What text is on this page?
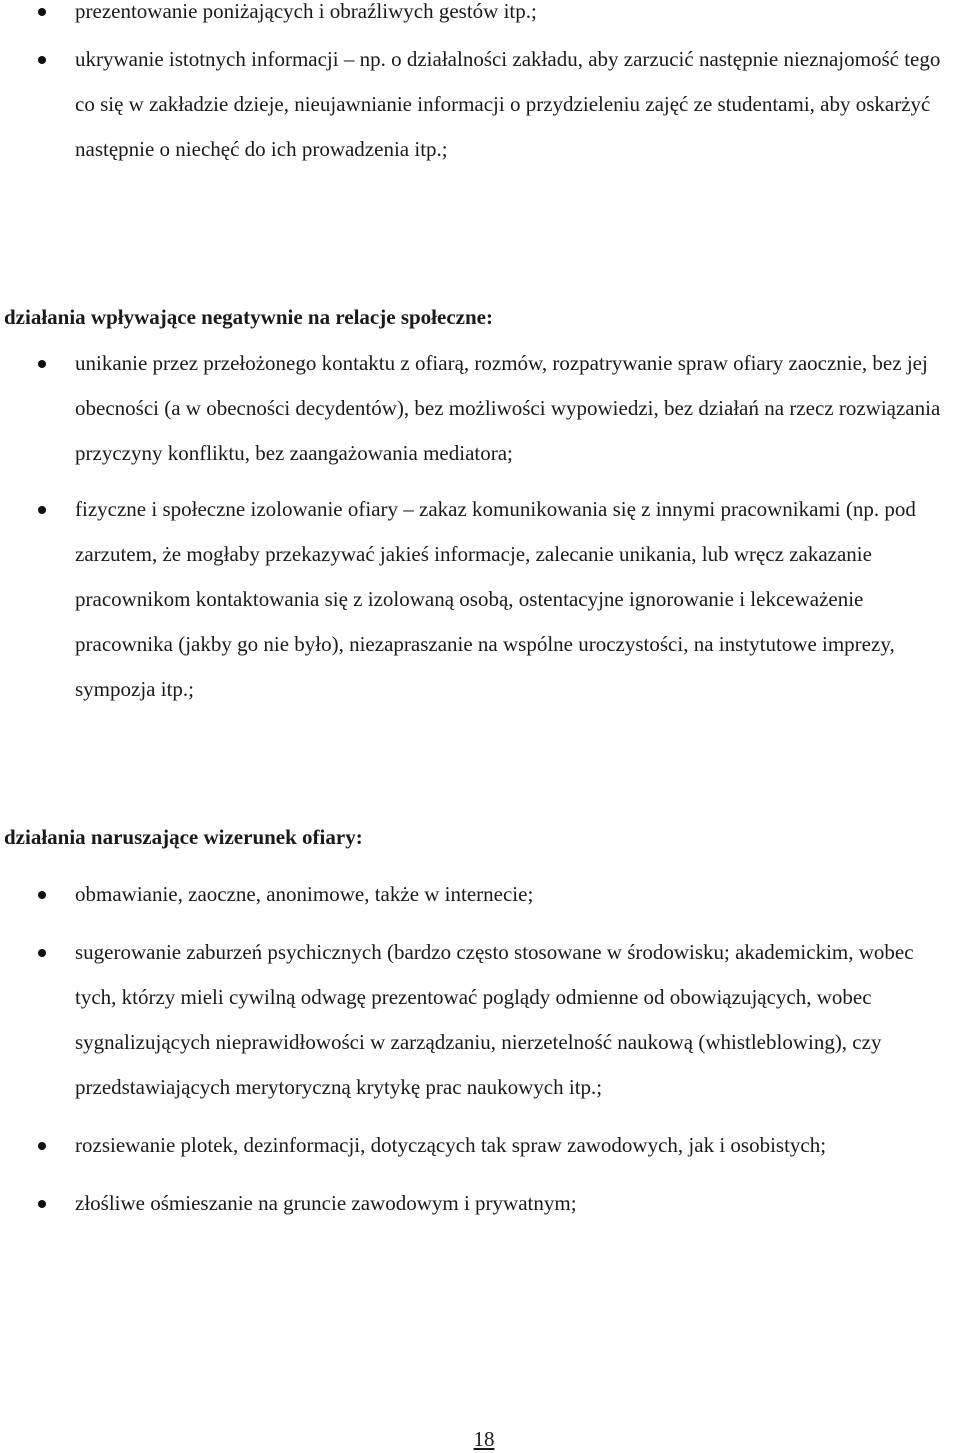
prezentowanie poniżających i obraźliwych gestów itp.;
ukrywanie istotnych informacji – np. o działalności zakładu, aby zarzucić następnie nieznajomość tego co się w zakładzie dzieje, nieujawnianie informacji o przydzieleniu zajęć ze studentami, aby oskarżyć następnie o niechęć do ich prowadzenia itp.;

działania wpływające negatywnie na relacje społeczne:

unikanie przez przełożonego kontaktu z ofiarą, rozmów, rozpatrywanie spraw ofiary zaocznie, bez jej obecności (a w obecności decydentów), bez możliwości wypowiedzi, bez działań na rzecz rozwiązania przyczyny konfliktu, bez zaangażowania mediatora;
fizyczne i społeczne izolowanie ofiary – zakaz komunikowania się z innymi pracownikami (np. pod zarzutem, że mogłaby przekazywać jakieś informacje, zalecanie unikania, lub wręcz zakazanie pracownikom kontaktowania się z izolowaną osobą, ostentacyjne ignorowanie i lekceważenie pracownika (jakby go nie było), niezapraszanie na wspólne uroczystości, na instytutowe imprezy, sympozja itp.;

działania naruszające wizerunek ofiary:

obmawianie, zaoczne, anonimowe, także w internecie;
sugerowanie zaburzeń psychicznych (bardzo często stosowane w środowisku; akademickim, wobec tych, którzy mieli cywilną odwagę prezentować poglądy odmienne od obowiązujących, wobec sygnalizujących nieprawidłowości w zarządzaniu, nierzetelność naukową (whistleblowing), czy przedstawiających merytoryczną krytykę prac naukowych itp.;
rozsiewanie plotek, dezinformacji, dotyczących tak spraw zawodowych, jak i osobistych;
złośliwe ośmieszanie na gruncie zawodowym i prywatnym;
18
